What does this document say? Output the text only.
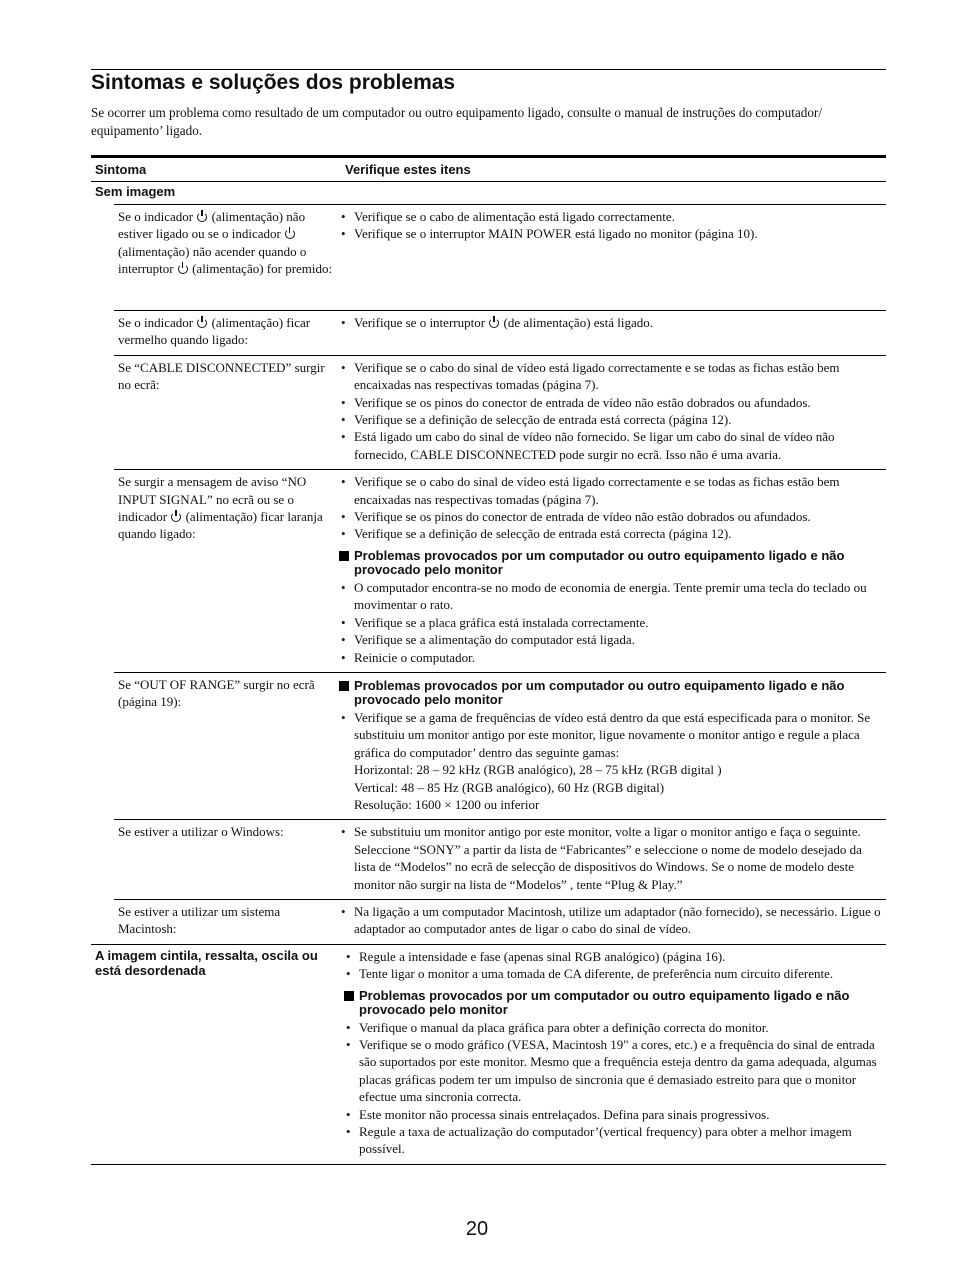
Sintomas e soluções dos problemas

Se ocorrer um problema como resultado de um computador ou outro equipamento ligado, consulte o manual de instruções do computador/ equipamento’ ligado.

Sintoma	Verifique estes itens
Sem imagem
Se o indicador (alimentação) não estiver ligado ou se o indicador  (alimentação) não acender quando o interruptor (alimentação) for premido:
• Verifique se o cabo de alimentação está ligado correctamente.
• Verifique se o interruptor MAIN POWER está ligado no monitor (página 10).
Se o indicador (alimentação) ficar vermelho quando ligado:
• Verifique se o interruptor (de alimentação) está ligado.
Se “CABLE DISCONNECTED” surgir no ecrã:
• Verifique se o cabo do sinal de vídeo está ligado correctamente e se todas as fichas estão bem encaixadas nas respectivas tomadas (página 7).
• Verifique se os pinos do conector de entrada de vídeo não estão dobrados ou afundados.
• Verifique se a definição de selecção de entrada está correcta (página 12).
• Está ligado um cabo do sinal de vídeo não fornecido. Se ligar um cabo do sinal de vídeo não fornecido, CABLE DISCONNECTED pode surgir no ecrã. Isso não é uma avaria.
Se surgir a mensagem de aviso “NO INPUT SIGNAL” no ecrã ou se o indicador (alimentação) ficar laranja quando ligado:
• Verifique se o cabo do sinal de vídeo está ligado correctamente e se todas as fichas estão bem encaixadas nas respectivas tomadas (página 7).
• Verifique se os pinos do conector de entrada de vídeo não estão dobrados ou afundados.
• Verifique se a definição de selecção de entrada está correcta (página 12).
Problemas provocados por um computador ou outro equipamento ligado e não provocado pelo monitor
• O computador encontra-se no modo de economia de energia. Tente premir uma tecla do teclado ou movimentar o rato.
• Verifique se a placa gráfica está instalada correctamente.
• Verifique se a alimentação do computador está ligada.
• Reinicie o computador.
Se “OUT OF RANGE” surgir no ecrã (página 19):
Problemas provocados por um computador ou outro equipamento ligado e não provocado pelo monitor
• Verifique se a gama de frequências de vídeo está dentro da que está especificada para o monitor. Se substituiu um monitor antigo por este monitor, ligue novamente o monitor antigo e regule a placa gráfica do computador’ dentro das seguinte gamas:
Horizontal: 28 – 92 kHz (RGB analógico), 28 – 75 kHz (RGB digital )
Vertical: 48 – 85 Hz (RGB analógico), 60 Hz (RGB digital)
Resolução: 1600 × 1200 ou inferior
Se estiver a utilizar o Windows:
•	Se substituiu um monitor antigo por este monitor, volte a ligar o monitor antigo e faça o seguinte. Seleccione “SONY” a partir da lista de “Fabricantes” e seleccione o nome de modelo desejado da lista de “Modelos” no ecrã de selecção de dispositivos do Windows. Se o nome de modelo deste monitor não surgir na lista de “Modelos” , tente “Plug & Play.”
Se estiver a utilizar um sistema Macintosh:
• Na ligação a um computador Macintosh, utilize um adaptador (não fornecido), se necessário. Ligue o adaptador ao computador antes de ligar o cabo do sinal de vídeo.
A imagem cintila, ressalta, oscila ou está desordenada
• Regule a intensidade e fase (apenas sinal RGB analógico) (página 16).
• Tente ligar o monitor a uma tomada de CA diferente, de preferência num circuito diferente.
Problemas provocados por um computador ou outro equipamento ligado e não provocado pelo monitor
• Verifique o manual da placa gráfica para obter a definição correcta do monitor.
• Verifique se o modo gráfico (VESA, Macintosh 19" a cores, etc.) e a frequência do sinal de entrada são suportados por este monitor. Mesmo que a frequência esteja dentro da gama adequada, algumas placas gráficas podem ter um impulso de sincronia que é demasiado estreito para que o monitor efectue uma sincronia correcta.
• Este monitor não processa sinais entrelaçados. Defina para sinais progressivos.
• Regule a taxa de actualização do computador’(vertical frequency) para obter a melhor imagem possível.
20
